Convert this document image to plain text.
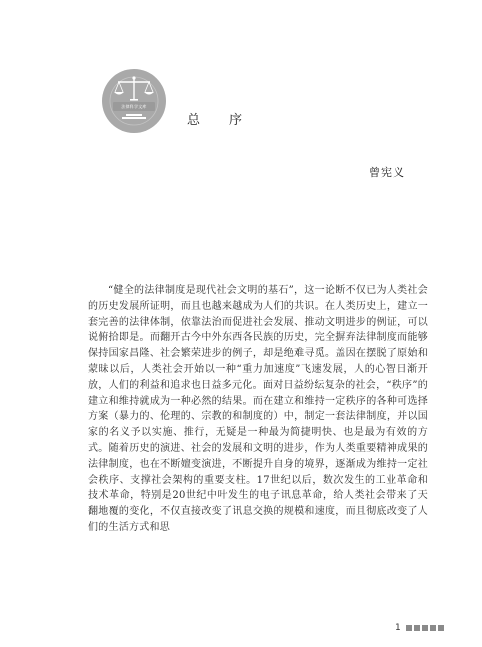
法律科学文库
总 序
曾宪义

“健全的法律制度是现代社会文明的基石”，这一论断不仅已为人类社会的历史发展所证明，而且也越来越成为人们的共识。在人类历史上，建立一套完善的法律体制，依靠法治而促进社会发展、推动文明进步的例证，可以说俯拾即是。而翻开古今中外东西各民族的历史，完全摒弃法律制度而能够保持国家昌隆、社会繁荣进步的例子，却是绝难寻觅。盖因在摆脱了原始和蒙昧以后，人类社会开始以一种“重力加速度”飞速发展，人的心智日渐开放，人们的利益和追求也日益多元化。面对日益纷纭复杂的社会，“秩序”的建立和维持就成为一种必然的结果。而在建立和维持一定秩序的各种可选择方案（暴力的、伦理的、宗教的和制度的）中，制定一套法律制度，并以国家的名义予以实施、推行，无疑是一种最为简捷明快、也是最为有效的方式。随着历史的演进、社会的发展和文明的进步，作为人类重要精神成果的法律制度，也在不断嬗变演进，不断提升自身的境界，逐渐成为维持一定社会秩序、支撑社会架构的重要支柱。17世纪以后，数次发生的工业革命和技术革命，特别是20世纪中叶发生的电子讯息革命，给人类社会带来了天翻地覆的变化，不仅直接改变了讯息交换的规模和速度，而且彻底改变了人们的生活方式和思

1
